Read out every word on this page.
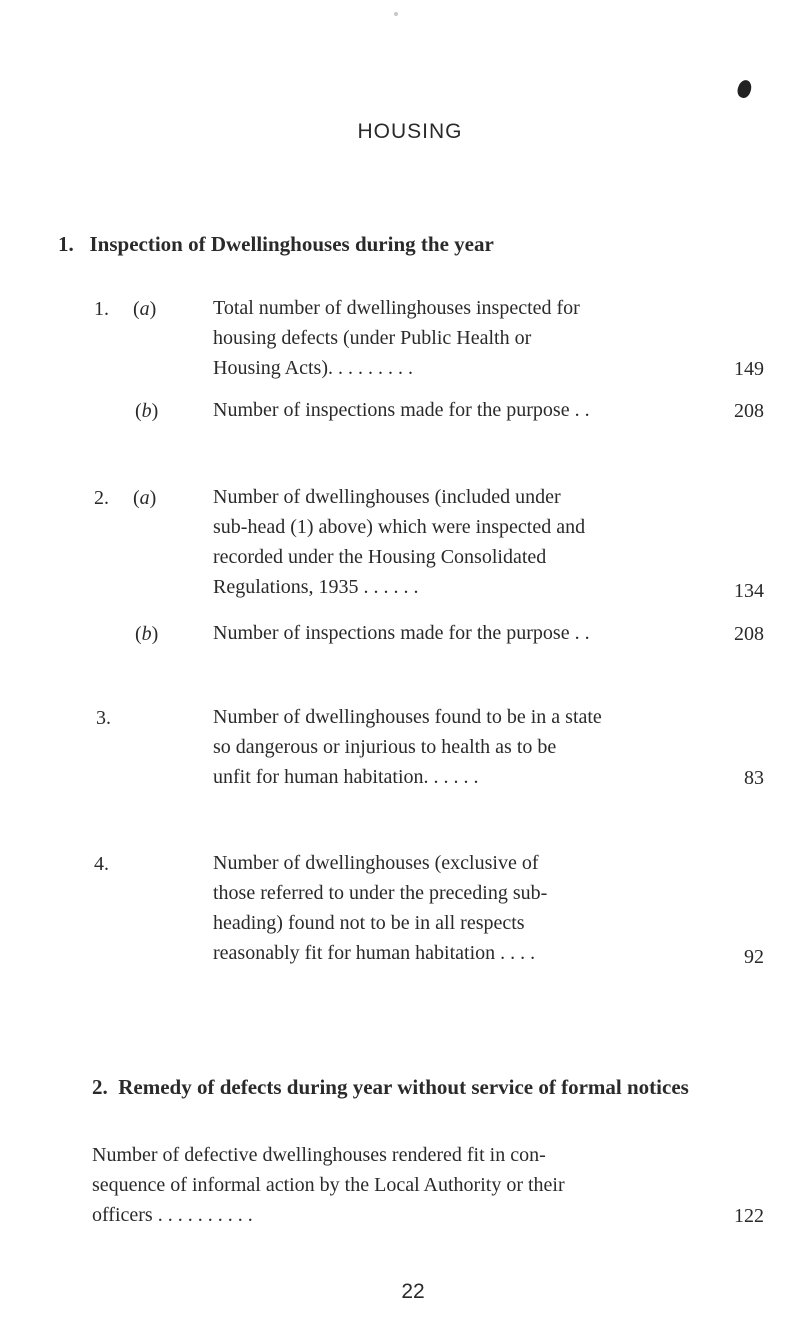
HOUSING
1. Inspection of Dwellinghouses during the year
1. (a)	Total number of dwellinghouses inspected for
housing defects (under Public Health or
Housing Acts). . . . . . . . .	149
(b)	Number of inspections made for the purpose . .	208
2. (a)	Number of dwellinghouses (included under
sub-head (1) above) which were inspected and
recorded under the Housing Consolidated
Regulations, 1935 . . . . . .	134
(b)	Number of inspections made for the purpose . .	208
3.	Number of dwellinghouses found to be in a state
so dangerous or injurious to health as to be
unfit for human habitation. . . . . .	83
4.	Number of dwellinghouses (exclusive of
those referred to under the preceding sub-
heading) found not to be in all respects
reasonably fit for human habitation . . . .	92
2. Remedy of defects during year without service of formal notices
Number of defective dwellinghouses rendered fit in con-
sequence of informal action by the Local Authority or their
officers . . . . . . . . . .	122
22
